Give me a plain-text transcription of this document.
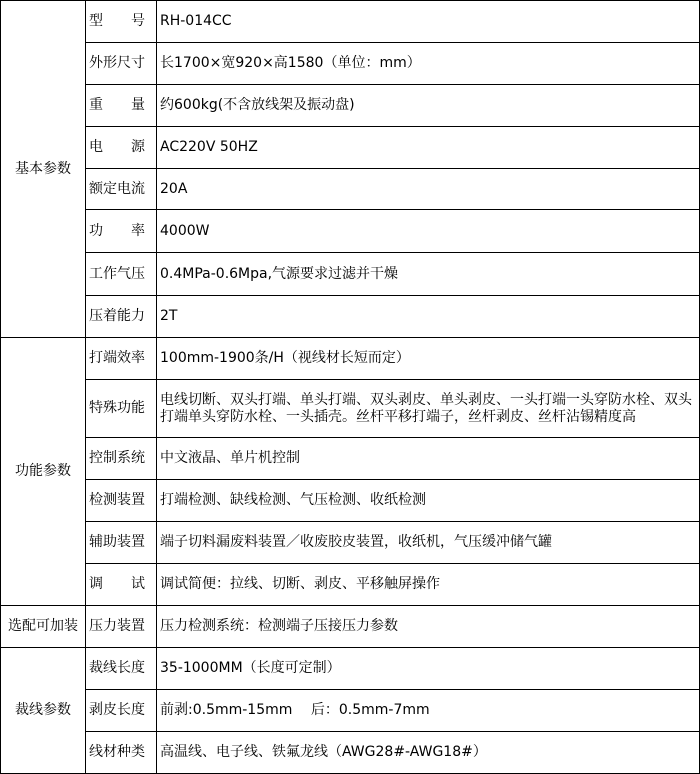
基本参数	型　　号	RH-014CC
	外形尺寸	长1700×宽920×高1580（单位：mm）
	重　　量	约600kg(不含放线架及振动盘)
	电　　源	AC220V 50HZ
	额定电流	20A
	功　　率	4000W
	工作气压	0.4MPa-0.6Mpa,气源要求过滤并干燥
	压着能力	2T
功能参数	打端效率	100mm-1900条/H（视线材长短而定）
	特殊功能	电线切断、双头打端、单头打端、双头剥皮、单头剥皮、一头打端一头穿防水栓、双头打端单头穿防水栓、一头插壳。丝杆平移打端子，丝杆剥皮、丝杆沾锡精度高
	控制系统	中文液晶、单片机控制
	检测装置	打端检测、缺线检测、气压检测、收纸检测
	辅助装置	端子切料漏废料装置／收废胶皮装置，收纸机，气压缓冲储气罐
	调　　试	调试简便：拉线、切断、剥皮、平移触屏操作
选配可加装	压力装置	压力检测系统：检测端子压接压力参数
裁线参数	裁线长度	35-1000MM（长度可定制）
	剥皮长度	前剥:0.5mm-15mm　 后：0.5mm-7mm
	线材种类	高温线、电子线、铁氟龙线（AWG28#-AWG18#）
